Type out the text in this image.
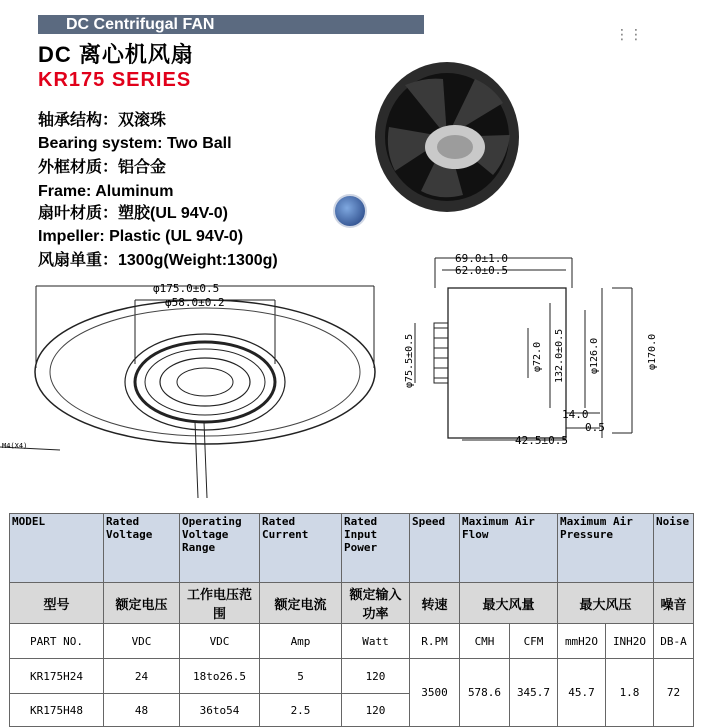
DC Centrifugal FAN
DC 离心机风扇
KR175 SERIES
⋮⋮
轴承结构：双滚珠
Bearing system: Two Ball
外框材质：铝合金
Frame: Aluminum
扇叶材质：塑胶(UL 94V-0)
Impeller: Plastic (UL 94V-0)
风扇单重：1300g(Weight:1300g)
φ175.0±0.5
φ58.0±0.2
M4(X4)
69.0±1.0
62.0±0.5
φ75.5±0.5	φ72.0 132.0±0.5 φ126.0	φ170.0
14.0
0.5
42.5±0.5
MODEL	Rated Voltage	Operating Voltage Range	Rated Current	Rated Input Power	Speed	Maximum Air Flow		Maximum Air Pressure		Noise
型号	额定电压	工作电压范围	额定电流	额定输入功率	转速	最大风量		最大风压		噪音
PART NO.	VDC	VDC	Amp	Watt	R.PM	CMH	CFM	mmH2O	INH2O	DB-A
KR175H24	24	18to26.5	5	120	3500	578.6	345.7	45.7	1.8	72
KR175H48	48	36to54	2.5	120						
